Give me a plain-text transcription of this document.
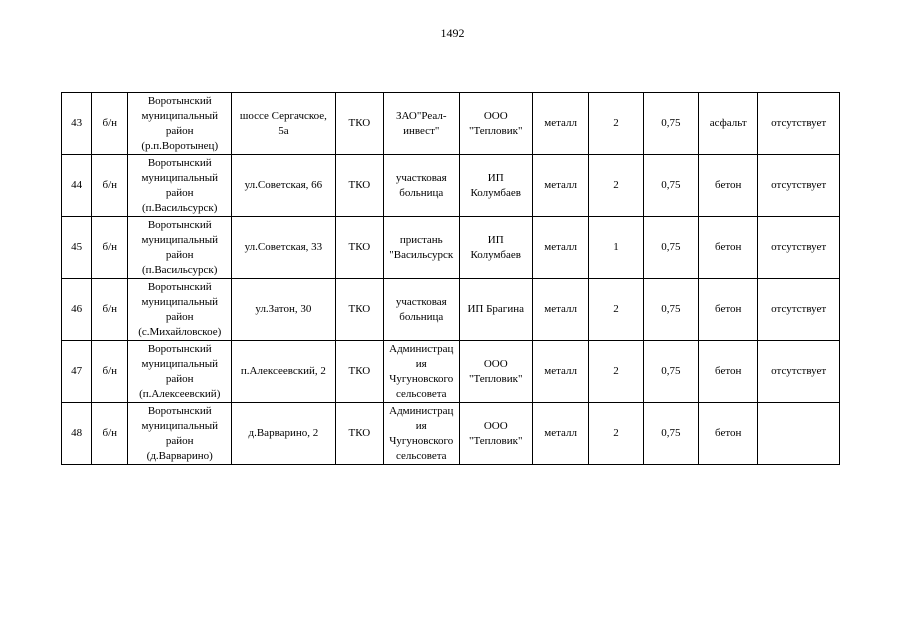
1492
43	б/н	Воротынский
муниципальный
район
(р.п.Воротынец)	шоссе Сергачское,
5а	ТКО	ЗАО"Реал-
инвест"	ООО
"Тепловик"	металл	2	0,75	асфальт	отсутствует
44	б/н	Воротынский
муниципальный
район
(п.Васильсурск)	ул.Советская, 66	ТКО	участковая
больница	ИП
Колумбаев	металл	2	0,75	бетон	отсутствует
45	б/н	Воротынский
муниципальный
район
(п.Васильсурск)	ул.Советская, 33	ТКО	пристань
"Васильсурск	ИП
Колумбаев	металл	1	0,75	бетон	отсутствует
46	б/н	Воротынский
муниципальный
район
(с.Михайловское)	ул.Затон, 30	ТКО	участковая
больница	ИП Брагина	металл	2	0,75	бетон	отсутствует
47	б/н	Воротынский
муниципальный
район
(п.Алексеевский)	п.Алексеевский, 2	ТКО	Администрац
ия
Чугуновского
сельсовета	ООО
"Тепловик"	металл	2	0,75	бетон	отсутствует
48	б/н	Воротынский
муниципальный
район
(д.Варварино)	д.Варварино, 2	ТКО	Администрац
ия
Чугуновского
сельсовета	ООО
"Тепловик"	металл	2	0,75	бетон	
